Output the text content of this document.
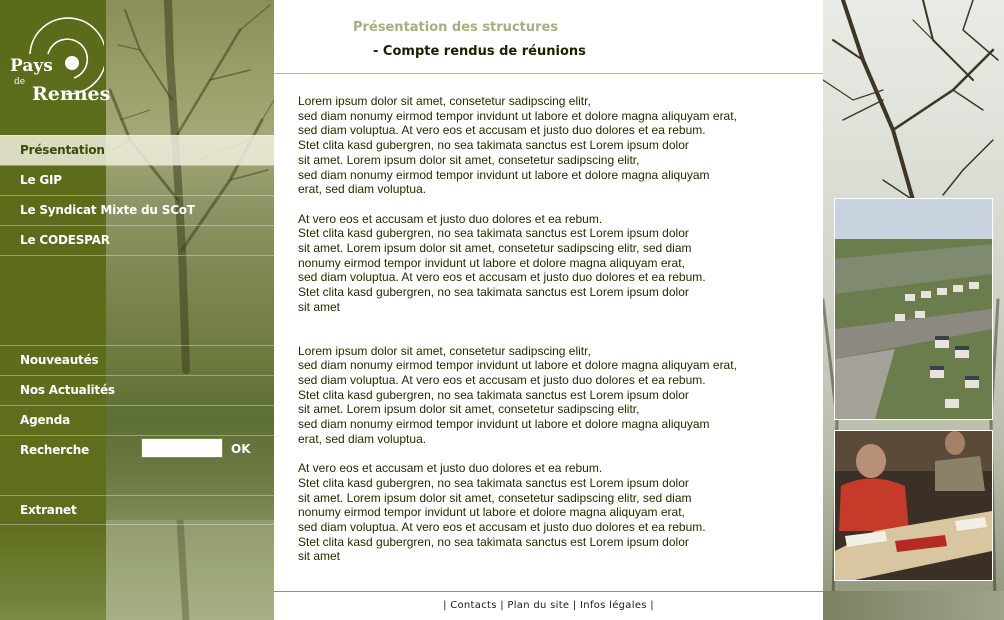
Pays
de
Rennes
Présentation
Le GIP
Le Syndicat Mixte du SCoT
Le CODESPAR
Nouveautés
Nos Actualités
Agenda
Recherche	OK
Extranet
Présentation des structures
- Compte rendus de réunions

Lorem ipsum dolor sit amet, consetetur sadipscing elitr,
sed diam nonumy eirmod tempor invidunt ut labore et dolore magna aliquyam erat,
sed diam voluptua. At vero eos et accusam et justo duo dolores et ea rebum.
Stet clita kasd gubergren, no sea takimata sanctus est Lorem ipsum dolor
sit amet. Lorem ipsum dolor sit amet, consetetur sadipscing elitr,
sed diam nonumy eirmod tempor invidunt ut labore et dolore magna aliquyam
erat, sed diam voluptua.

At vero eos et accusam et justo duo dolores et ea rebum.
Stet clita kasd gubergren, no sea takimata sanctus est Lorem ipsum dolor
sit amet. Lorem ipsum dolor sit amet, consetetur sadipscing elitr, sed diam
nonumy eirmod tempor invidunt ut labore et dolore magna aliquyam erat,
sed diam voluptua. At vero eos et accusam et justo duo dolores et ea rebum.
Stet clita kasd gubergren, no sea takimata sanctus est Lorem ipsum dolor
sit amet

Lorem ipsum dolor sit amet, consetetur sadipscing elitr,
sed diam nonumy eirmod tempor invidunt ut labore et dolore magna aliquyam erat,
sed diam voluptua. At vero eos et accusam et justo duo dolores et ea rebum.
Stet clita kasd gubergren, no sea takimata sanctus est Lorem ipsum dolor
sit amet. Lorem ipsum dolor sit amet, consetetur sadipscing elitr,
sed diam nonumy eirmod tempor invidunt ut labore et dolore magna aliquyam
erat, sed diam voluptua.

At vero eos et accusam et justo duo dolores et ea rebum.
Stet clita kasd gubergren, no sea takimata sanctus est Lorem ipsum dolor
sit amet. Lorem ipsum dolor sit amet, consetetur sadipscing elitr, sed diam
nonumy eirmod tempor invidunt ut labore et dolore magna aliquyam erat,
sed diam voluptua. At vero eos et accusam et justo duo dolores et ea rebum.
Stet clita kasd gubergren, no sea takimata sanctus est Lorem ipsum dolor
sit amet

| Contacts | Plan du site | Infos légales |
